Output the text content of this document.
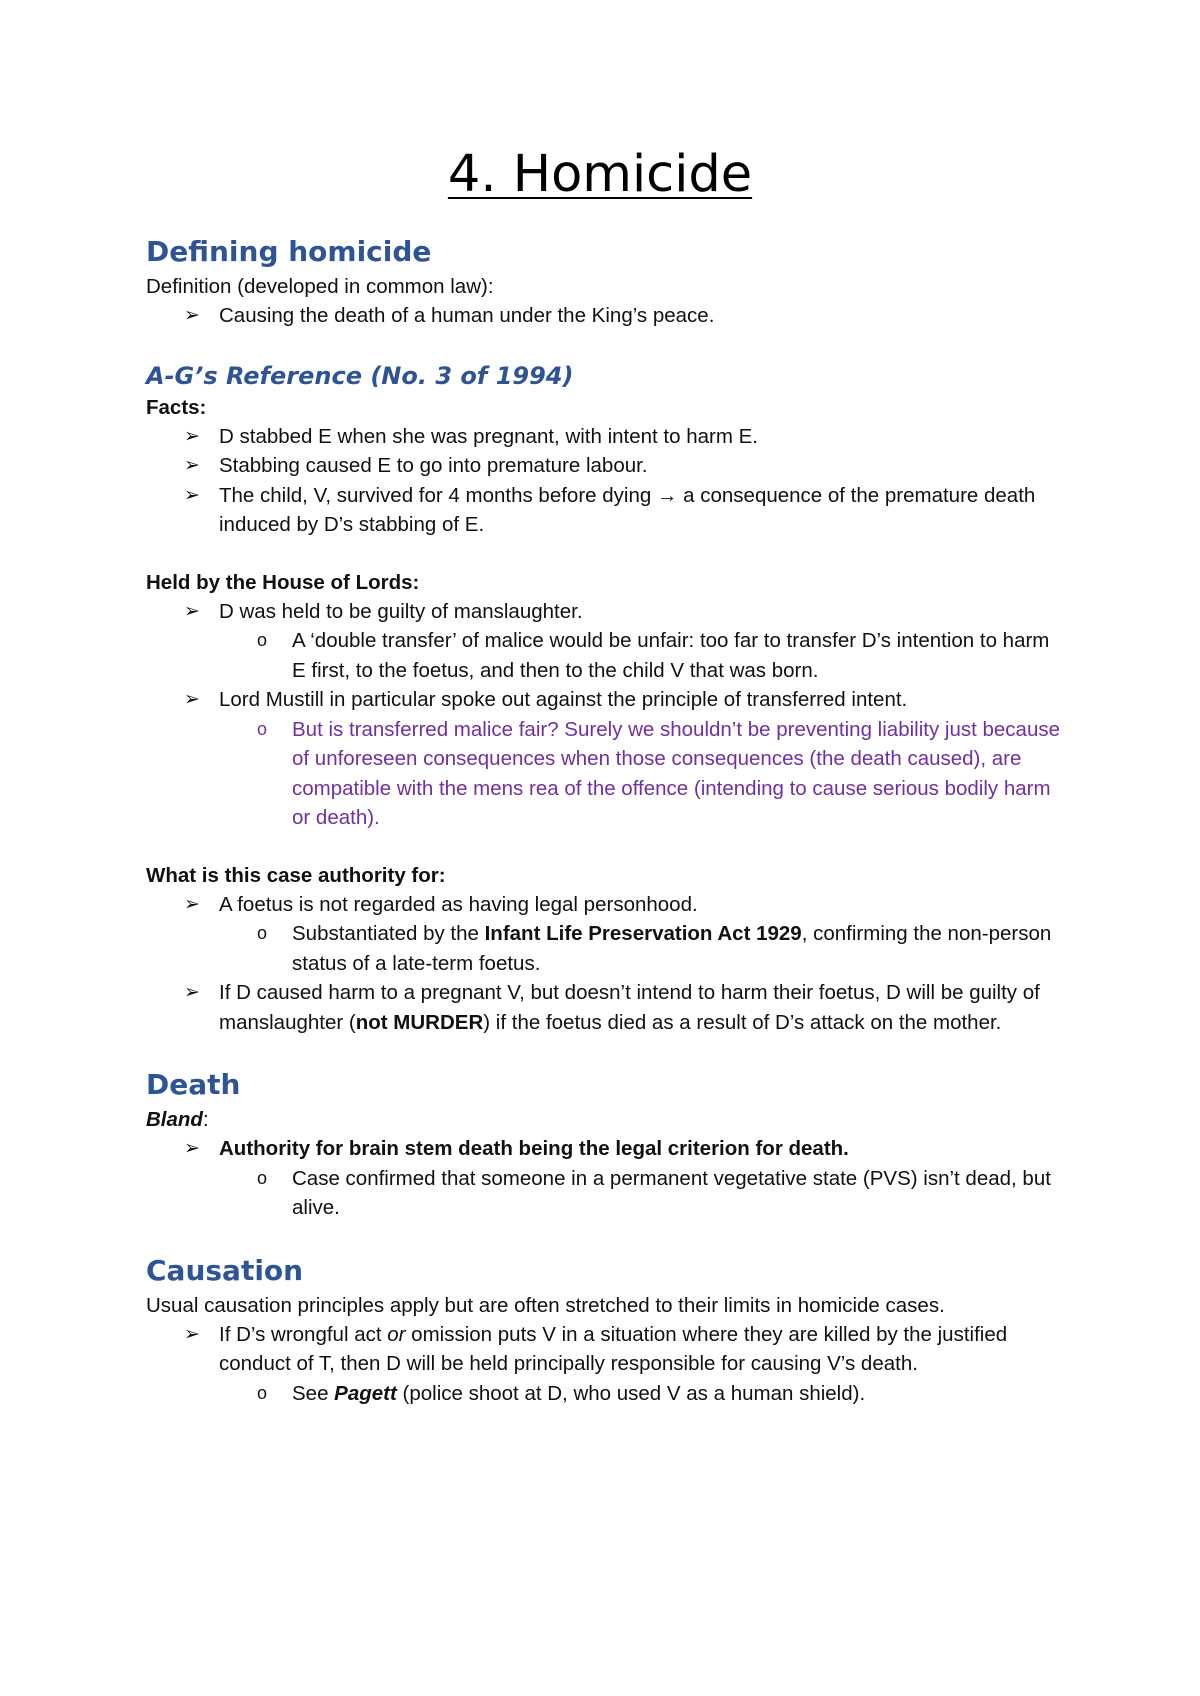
4. Homicide
Defining homicide

Definition (developed in common law):

➢ Causing the death of a human under the King’s peace.
A-G’s Reference (No. 3 of 1994)

Facts:

➢ D stabbed E when she was pregnant, with intent to harm E.
➢ Stabbing caused E to go into premature labour.
➢ The child, V, survived for 4 months before dying → a consequence of the premature death induced by D’s stabbing of E.

Held by the House of Lords:

➢ D was held to be guilty of manslaughter.
o A ‘double transfer’ of malice would be unfair: too far to transfer D’s intention to harm E first, to the foetus, and then to the child V that was born.
➢ Lord Mustill in particular spoke out against the principle of transferred intent.
o But is transferred malice fair? Surely we shouldn’t be preventing liability just because of unforeseen consequences when those consequences (the death caused), are compatible with the mens rea of the offence (intending to cause serious bodily harm or death).

What is this case authority for:

➢ A foetus is not regarded as having legal personhood.
o Substantiated by the Infant Life Preservation Act 1929, confirming the non-person status of a late-term foetus.
➢ If D caused harm to a pregnant V, but doesn’t intend to harm their foetus, D will be guilty of manslaughter (not MURDER) if the foetus died as a result of D’s attack on the mother.
Death

Bland:

➢ Authority for brain stem death being the legal criterion for death.
o Case confirmed that someone in a permanent vegetative state (PVS) isn’t dead, but alive.
Causation

Usual causation principles apply but are often stretched to their limits in homicide cases.

➢ If D’s wrongful act or omission puts V in a situation where they are killed by the justified conduct of T, then D will be held principally responsible for causing V’s death.
o See Pagett (police shoot at D, who used V as a human shield).
